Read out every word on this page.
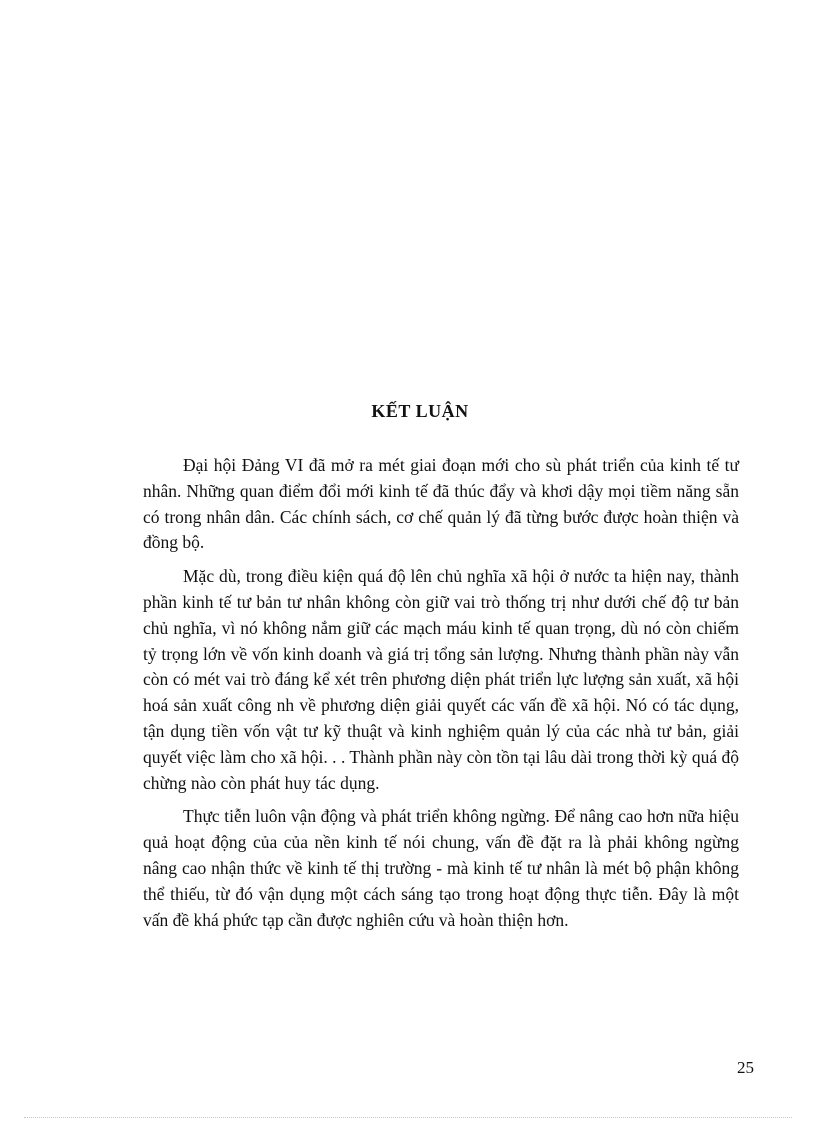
KẾT LUẬN

Đại hội Đảng VI đã mở ra mét giai đoạn mới cho sù phát triển của kinh tế tư nhân. Những quan điểm đổi mới kinh tế đã thúc đẩy và khơi dậy mọi tiềm năng sẵn có trong nhân dân. Các chính sách, cơ chế quản lý đã từng bước được hoàn thiện và đồng bộ.

Mặc dù, trong điều kiện quá độ lên chủ nghĩa xã hội ở nước ta hiện nay, thành phần kinh tế tư bản tư nhân không còn giữ vai trò thống trị như dưới chế độ tư bản chủ nghĩa, vì nó không nắm giữ các mạch máu kinh tế quan trọng, dù nó còn chiếm tỷ trọng lớn về vốn kinh doanh và giá trị tổng sản lượng. Nhưng thành phần này vẫn còn có mét vai trò đáng kể xét trên phương diện phát triển lực lượng sản xuất, xã hội hoá sản xuất công nh về phương diện giải quyết các vấn đề xã hội. Nó có tác dụng, tận dụng tiền vốn vật tư kỹ thuật và kinh nghiệm quản lý của các nhà tư bản, giải quyết việc làm cho xã hội. . . Thành phần này còn tồn tại lâu dài trong thời kỳ quá độ chừng nào còn phát huy tác dụng.

Thực tiễn luôn vận động và phát triển không ngừng. Để nâng cao hơn nữa hiệu quả hoạt động của của nền kinh tế nói chung, vấn đề đặt ra là phải không ngừng nâng cao nhận thức về kinh tế thị trường - mà kinh tế tư nhân là mét bộ phận không thể thiếu, từ đó vận dụng một cách sáng tạo trong hoạt động thực tiễn. Đây là một vấn đề khá phức tạp cần được nghiên cứu và hoàn thiện hơn.

25
